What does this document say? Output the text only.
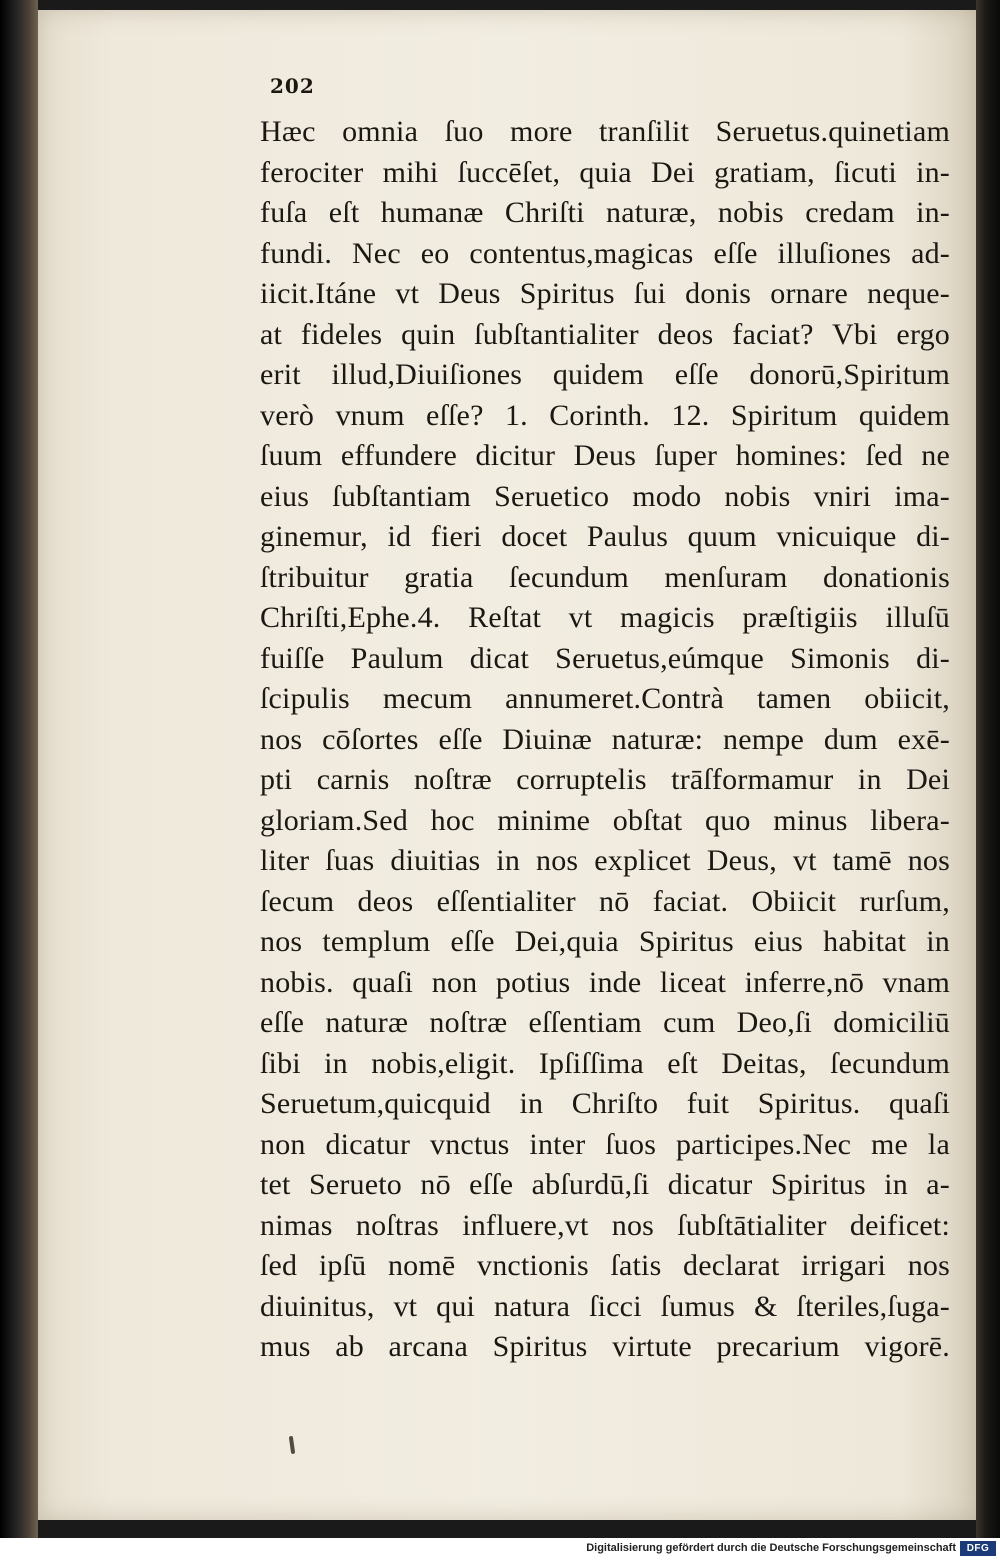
202
Hæc omnia ſuo more tranſilit Seruetus.quinetiam
ferociter mihi ſuccēſet, quia Dei gratiam, ſicuti in-
fuſa eſt humanæ Chriſti naturæ, nobis credam in-
fundi. Nec eo contentus,magicas eſſe illuſiones ad-
iicit.Itáne vt Deus Spiritus ſui donis ornare neque-
at fideles quin ſubſtantialiter deos faciat? Vbi ergo
erit illud,Diuiſiones quidem eſſe donorū,Spiritum
verò vnum eſſe? 1. Corinth. 12. Spiritum quidem
ſuum effundere dicitur Deus ſuper homines: ſed ne
eius ſubſtantiam Seruetico modo nobis vniri ima-
ginemur, id fieri docet Paulus quum vnicuique di-
ſtribuitur gratia ſecundum menſuram donationis
Chriſti,Ephe.4. Reſtat vt magicis præſtigiis illuſū
fuiſſe Paulum dicat Seruetus,eúmque Simonis di-
ſcipulis mecum annumeret.Contrà tamen obiicit,
nos cōſortes eſſe Diuinæ naturæ: nempe dum exē-
pti carnis noſtræ corruptelis trāſformamur in Dei
gloriam.Sed hoc minime obſtat quo minus libera-
liter ſuas diuitias in nos explicet Deus, vt tamē nos
ſecum deos eſſentialiter nō faciat. Obiicit rurſum,
nos templum eſſe Dei,quia Spiritus eius habitat in
nobis. quaſi non potius inde liceat inferre,nō vnam
eſſe naturæ noſtræ eſſentiam cum Deo,ſi domiciliū
ſibi in nobis,eligit. Ipſiſſima eſt Deitas, ſecundum
Seruetum,quicquid in Chriſto fuit Spiritus. quaſi
non dicatur vnctus inter ſuos participes.Nec me la
tet Serueto nō eſſe abſurdū,ſi dicatur Spiritus in a-
nimas noſtras influere,vt nos ſubſtātialiter deificet:
ſed ipſū nomē vnctionis ſatis declarat irrigari nos
diuinitus, vt qui natura ſicci ſumus & ſteriles,ſuga-
mus ab arcana Spiritus virtute precarium vigorē.
Digitalisierung gefördert durch die Deutsche Forschungsgemeinschaft	DFG
